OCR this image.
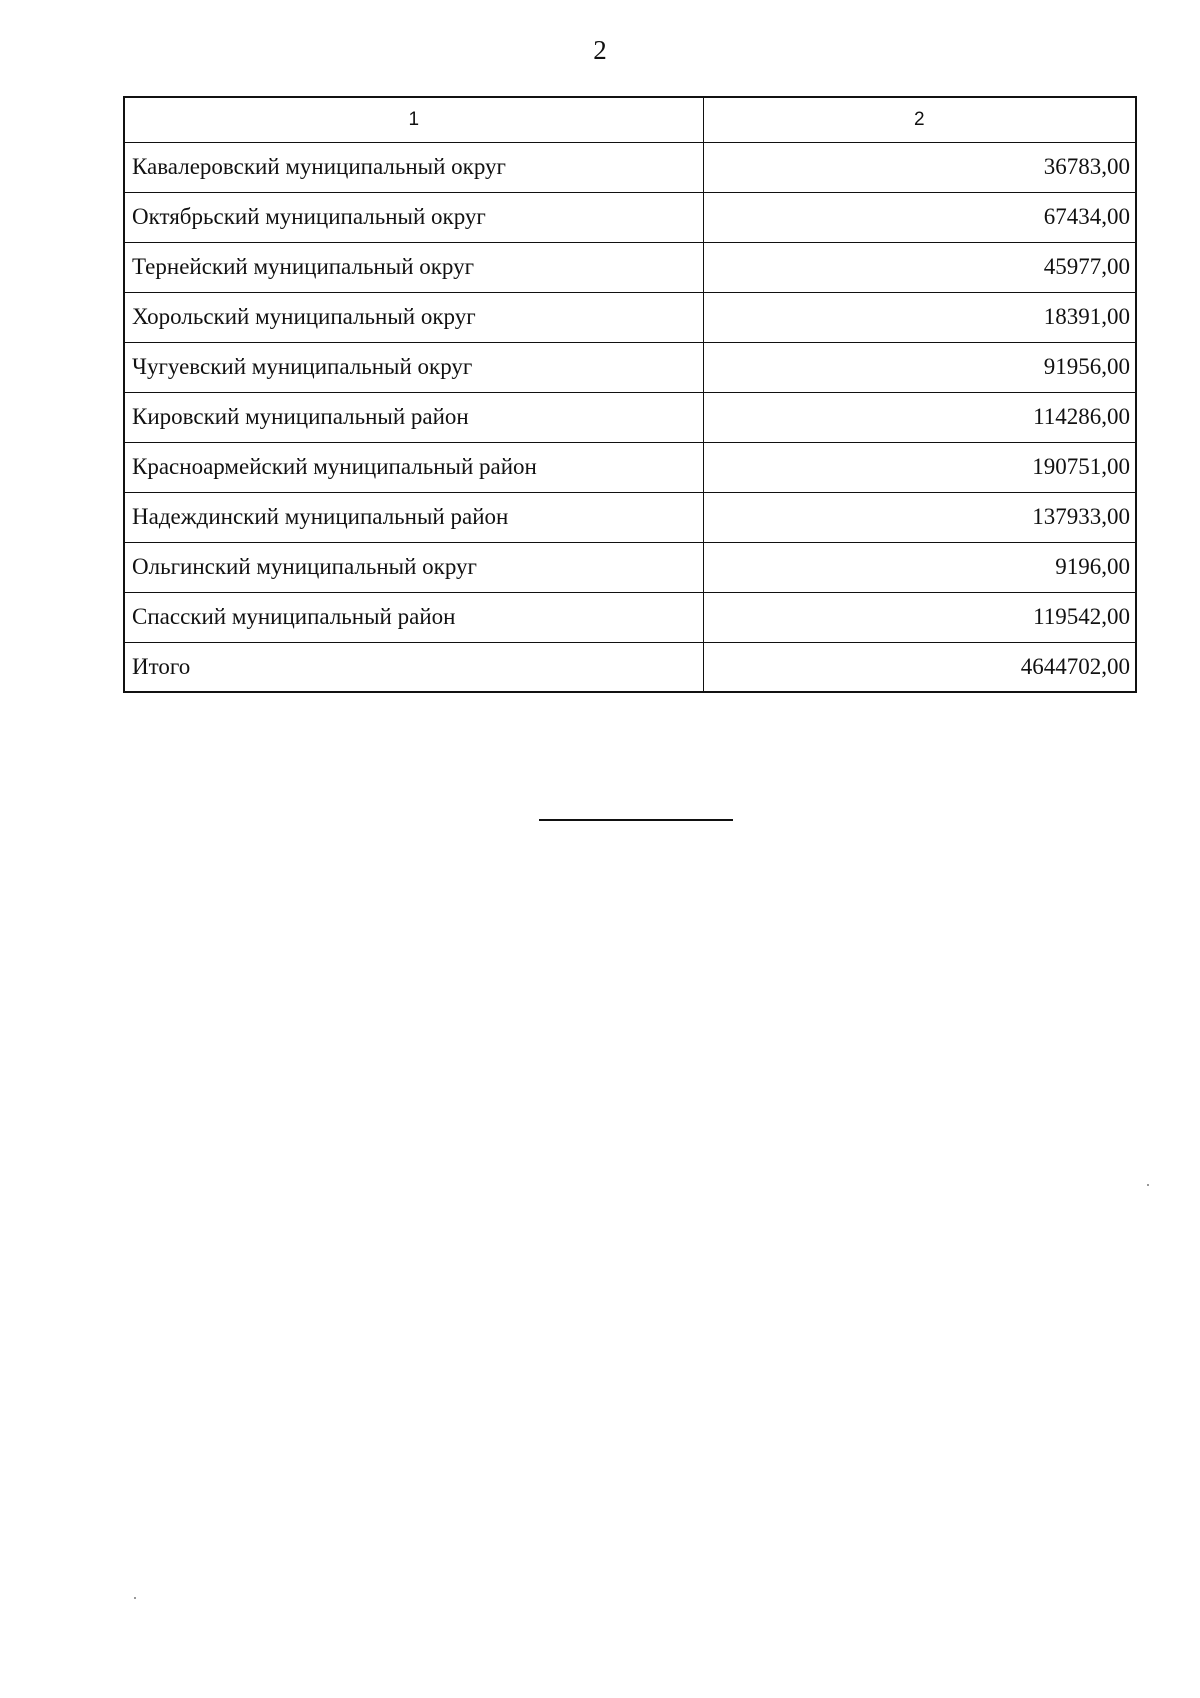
2
1	2
Кавалеровский муниципальный округ	36783,00
Октябрьский муниципальный округ	67434,00
Тернейский муниципальный округ	45977,00
Хорольский муниципальный округ	18391,00
Чугуевский муниципальный округ	91956,00
Кировский муниципальный район	114286,00
Красноармейский муниципальный район	190751,00
Надеждинский муниципальный район	137933,00
Ольгинский муниципальный округ	9196,00
Спасский муниципальный район	119542,00
Итого	4644702,00
